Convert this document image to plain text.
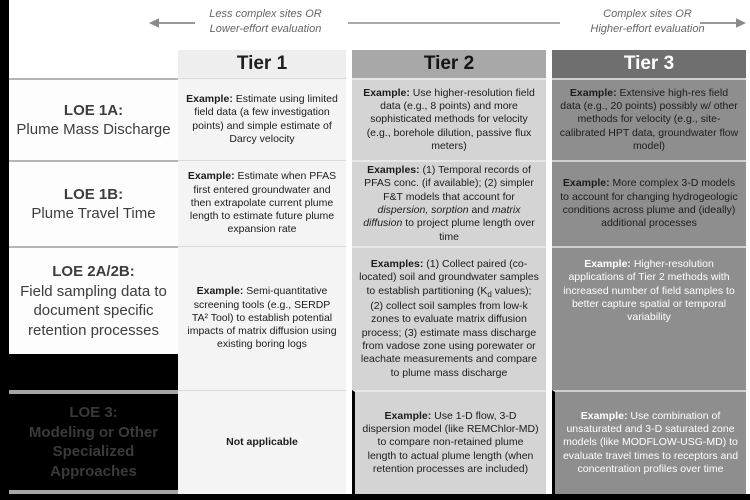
Less complex sites OR
Lower-effort evaluation
Complex sites OR
Higher-effort evaluation
Tier 1	Tier 2	Tier 3
LOE 1A:
Plume Mass Discharge
Example: Estimate using limited field data (a few investigation points) and simple estimate of Darcy velocity
Example: Use higher-resolution field data (e.g., 8 points) and more sophisticated methods for velocity (e.g., borehole dilution, passive flux meters)
Example: Extensive high-res field data (e.g., 20 points) possibly w/ other methods for velocity (e.g., site-calibrated HPT data, groundwater flow model)
LOE 1B:
Plume Travel Time
Example: Estimate when PFAS first entered groundwater and then extrapolate current plume length to estimate future plume expansion rate
Examples: (1) Temporal records of PFAS conc. (if available); (2) simpler F&T models that account for dispersion, sorption and matrix diffusion to project plume length over time
Example: More complex 3-D models to account for changing hydrogeologic conditions across plume and (ideally) additional processes
LOE 2A/2B:
Field sampling data to document specific retention processes
Example: Semi-quantitative screening tools (e.g., SERDP TA² Tool) to establish potential impacts of matrix diffusion using existing boring logs
Examples: (1) Collect paired (co-located) soil and groundwater samples to establish partitioning ($K_d$ values); (2) collect soil samples from low-k zones to evaluate matrix diffusion process; (3) estimate mass discharge from vadose zone using porewater or leachate measurements and compare to plume mass discharge
Example: Higher-resolution applications of Tier 2 methods with increased number of field samples to better capture spatial or temporal variability
LOE 3:
Modeling or Other Specialized Approaches
Not applicable
Example: Use 1-D flow, 3-D dispersion model (like REMChlor-MD) to compare non-retained plume length to actual plume length (when retention processes are included)
Example: Use combination of unsaturated and 3-D saturated zone models (like MODFLOW-USG-MD) to evaluate travel times to receptors and concentration profiles over time
